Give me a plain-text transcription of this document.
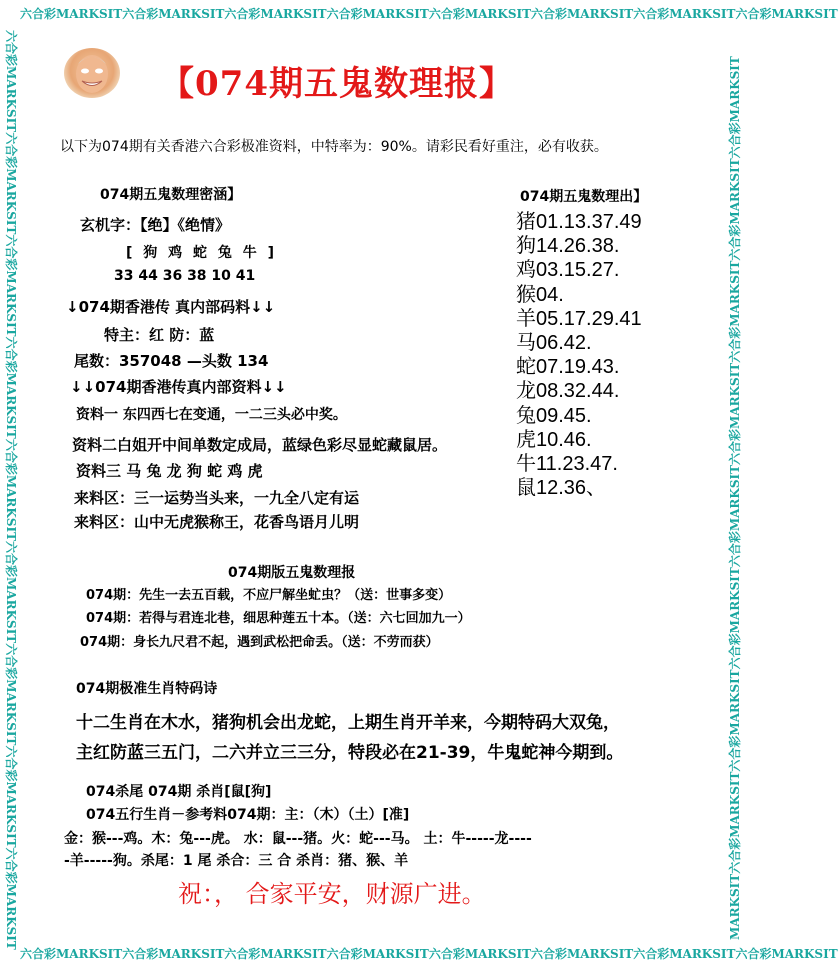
六合彩MARKSIT六合彩MARKSIT六合彩MARKSIT六合彩MARKSIT六合彩MARKSIT六合彩MARKSIT六合彩MARKSIT六合彩MARKSIT
六合彩MARKSIT六合彩MARKSIT六合彩MARKSIT六合彩MARKSIT六合彩MARKSIT六合彩MARKSIT六合彩MARKSIT六合彩MARKSIT
六合彩MARKSIT六合彩MARKSIT六合彩MARKSIT六合彩MARKSIT六合彩MARKSIT六合彩MARKSIT六合彩MARKSIT六合彩MARKSIT六合彩MARKSIT	MARKSIT六合彩MARKSIT六合彩MARKSIT六合彩MARKSIT六合彩MARKSIT六合彩MARKSIT六合彩MARKSIT六合彩MARKSIT六合彩MARKSIT
【074期五鬼数理报】
以下为074期有关香港六合彩极准资料，中特率为：90%。请彩民看好重注，必有收获。
074期五鬼数理密涵】
玄机字：【绝】《绝情》
[ 狗 鸡 蛇 兔 牛 ]
33 44 36 38 10 41
↓074期香港传 真内部码料↓↓
特主：红 防：蓝
尾数：357048 —头数 134
↓↓074期香港传真内部资料↓↓
资料一 东四西七在变通，一二三头必中奖。
资料二白姐开中间单数定成局，蓝绿色彩尽显蛇藏鼠居。
资料三 马 兔 龙 狗 蛇 鸡 虎
来料区：三一运势当头来，一九全八定有运
来料区：山中无虎猴称王，花香鸟语月儿明
074期五鬼数理出】
猪01.13.37.49
狗14.26.38.
鸡03.15.27.
猴04.
羊05.17.29.41
马06.42.
蛇07.19.43.
龙08.32.44.
兔09.45.
虎10.46.
牛11.23.47.
鼠12.36、
074期版五鬼数理报
074期：先生一去五百载，不应尸解坐虻虫？（送：世事多变）
074期：若得与君连北巷，细思种莲五十本。（送：六七回加九一）
074期：身长九尺君不起，遇到武松把命丢。（送：不劳而获）
074期极准生肖特码诗
十二生肖在木水，猪狗机会出龙蛇，上期生肖开羊来，今期特码大双兔，
主红防蓝三五门，二六并立三三分，特段必在21-39，牛鬼蛇神今期到。
074杀尾 074期 杀肖[鼠[狗]
074五行生肖－参考料074期：主：（木）（土）[准]
金：猴---鸡。木：兔---虎。 水：鼠---猪。火：蛇---马。 土：牛-----龙----
-羊-----狗。杀尾：1 尾 杀合：三 合 杀肖：猪、猴、羊
祝：， 合家平安，财源广进。
